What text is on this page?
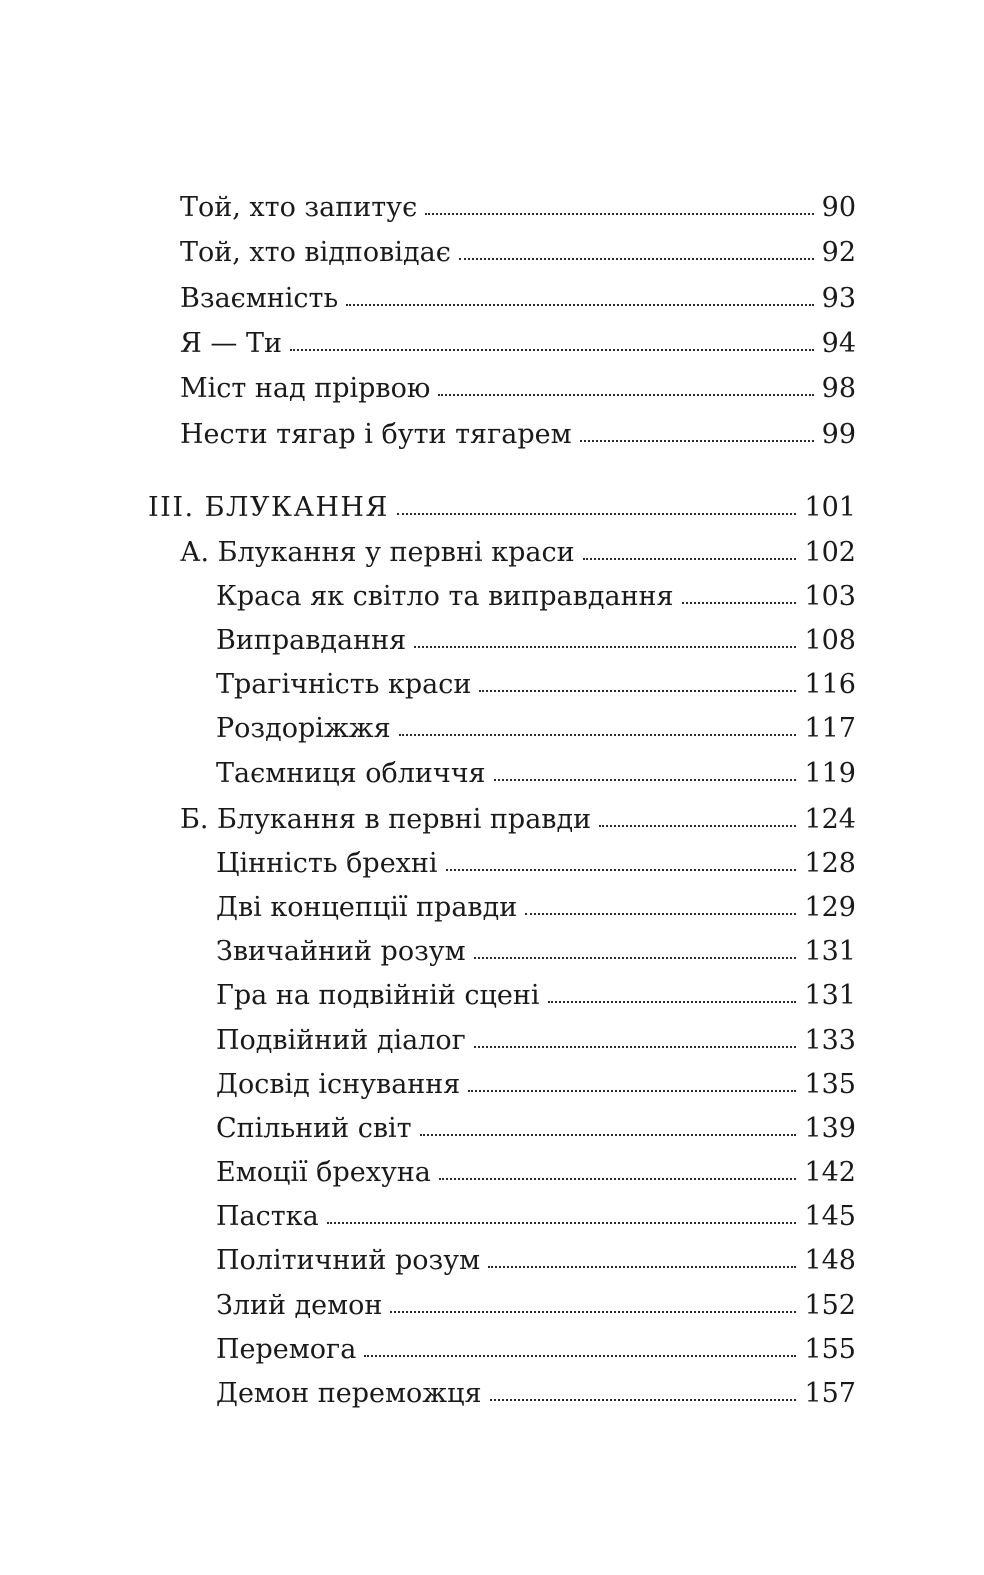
Той, хто запитує	90
Той, хто відповідає	92
Взаємність	93
Я — Ти	94
Міст над прірвою	98
Нести тягар і бути тягарем	99
III. БЛУКАННЯ	101
А. Блукання у первні краси	102
Краса як світло та виправдання	103
Виправдання	108
Трагічність краси	116
Роздоріжжя	117
Таємниця обличчя	119
Б. Блукання в первні правди	124
Цінність брехні	128
Дві концепції правди	129
Звичайний розум	131
Гра на подвійній сцені	131
Подвійний діалог	133
Досвід існування	135
Спільний світ	139
Емоції брехуна	142
Пастка	145
Політичний розум	148
Злий демон	152
Перемога	155
Демон переможця	157
